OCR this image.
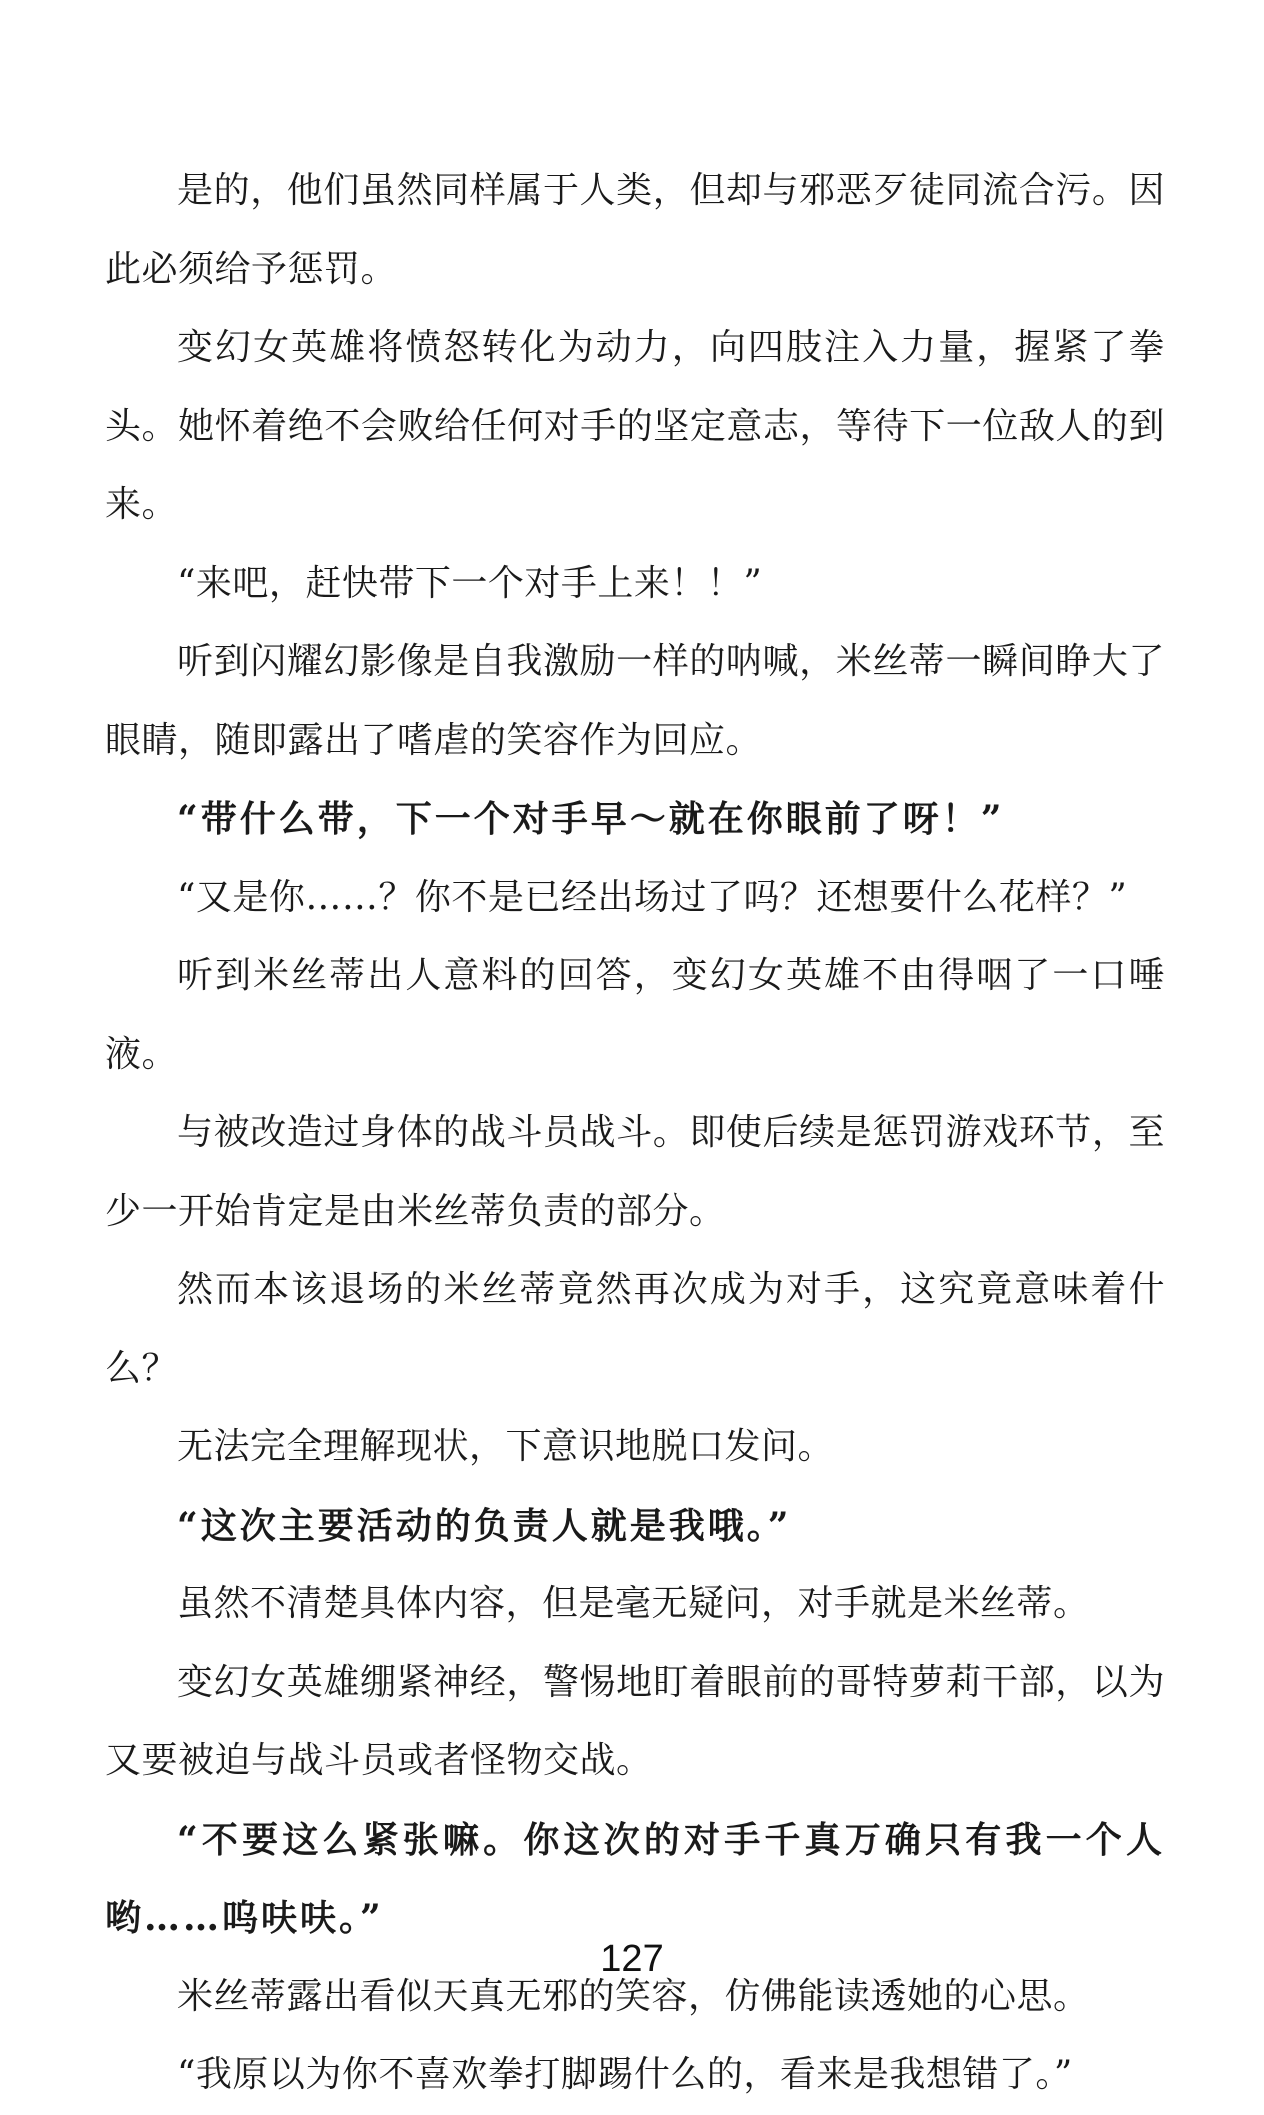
是的，他们虽然同样属于人类，但却与邪恶歹徒同流合污。因此必须给予惩罚。

变幻女英雄将愤怒转化为动力，向四肢注入力量，握紧了拳头。她怀着绝不会败给任何对手的坚定意志，等待下一位敌人的到来。

“来吧，赶快带下一个对手上来！！”

听到闪耀幻影像是自我激励一样的呐喊，米丝蒂一瞬间睁大了眼睛，随即露出了嗜虐的笑容作为回应。

“带什么带，下一个对手早～就在你眼前了呀！”

“又是你……？你不是已经出场过了吗？还想要什么花样？”

听到米丝蒂出人意料的回答，变幻女英雄不由得咽了一口唾液。

与被改造过身体的战斗员战斗。即使后续是惩罚游戏环节，至少一开始肯定是由米丝蒂负责的部分。

然而本该退场的米丝蒂竟然再次成为对手，这究竟意味着什么？

无法完全理解现状，下意识地脱口发问。

“这次主要活动的负责人就是我哦。”

虽然不清楚具体内容，但是毫无疑问，对手就是米丝蒂。

变幻女英雄绷紧神经，警惕地盯着眼前的哥特萝莉干部，以为又要被迫与战斗员或者怪物交战。

“不要这么紧张嘛。你这次的对手千真万确只有我一个人哟……呜呋呋。”

米丝蒂露出看似天真无邪的笑容，仿佛能读透她的心思。

“我原以为你不喜欢拳打脚踢什么的，看来是我想错了。”

127
